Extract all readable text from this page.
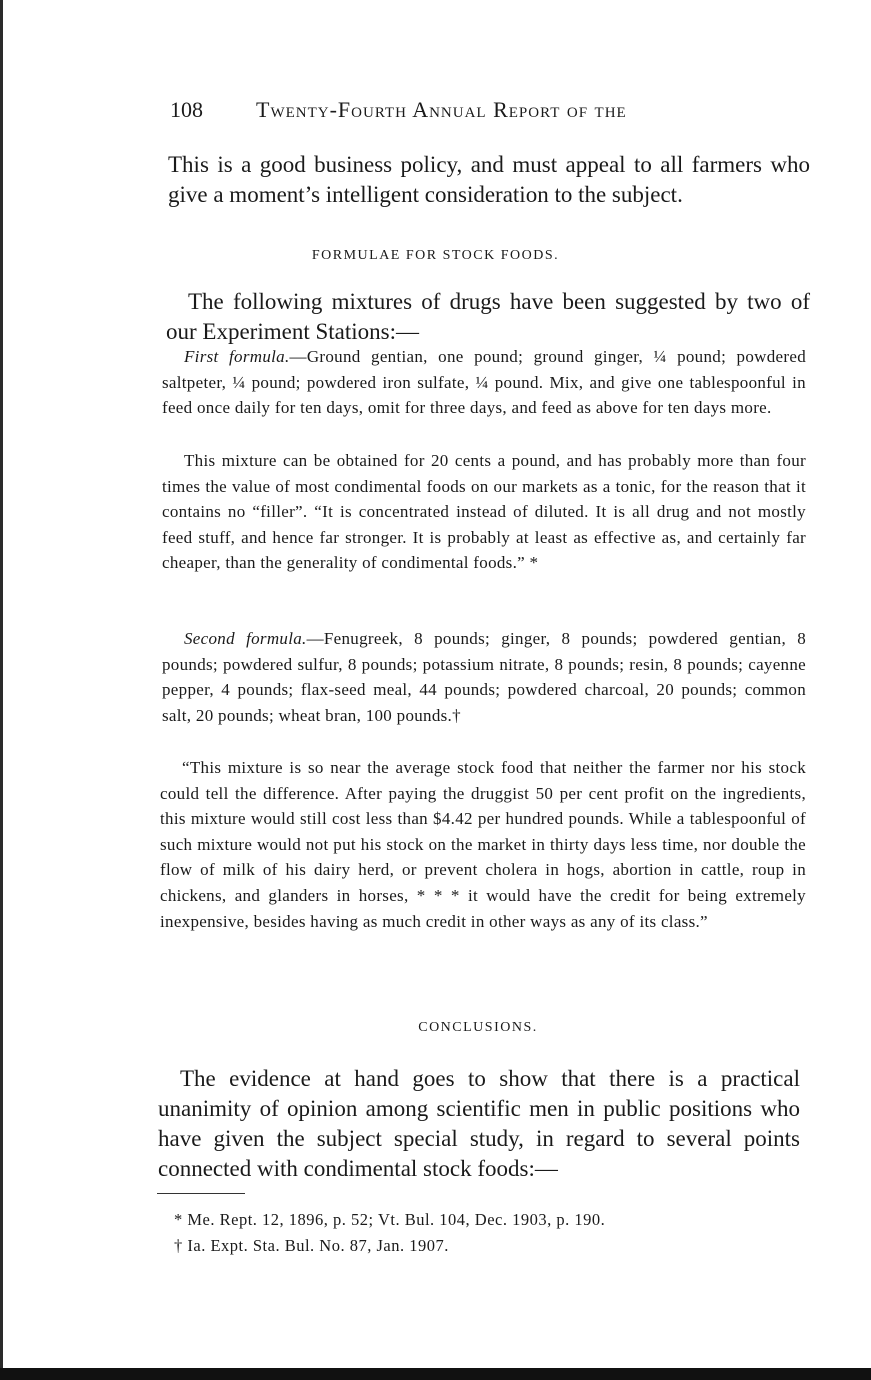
108 Twenty-Fourth Annual Report of the
This is a good business policy, and must appeal to all farmers who give a moment’s intelligent consideration to the subject.
FORMULAE FOR STOCK FOODS.
The following mixtures of drugs have been suggested by two of our Experiment Stations:—
First formula.—Ground gentian, one pound; ground ginger, ¼ pound; powdered saltpeter, ¼ pound; powdered iron sulfate, ¼ pound. Mix, and give one tablespoonful in feed once daily for ten days, omit for three days, and feed as above for ten days more.
This mixture can be obtained for 20 cents a pound, and has probably more than four times the value of most condimental foods on our markets as a tonic, for the reason that it contains no “filler”. “It is concentrated instead of diluted. It is all drug and not mostly feed stuff, and hence far stronger. It is probably at least as effective as, and certainly far cheaper, than the generality of condimental foods.” *
Second formula.—Fenugreek, 8 pounds; ginger, 8 pounds; powdered gentian, 8 pounds; powdered sulfur, 8 pounds; potassium nitrate, 8 pounds; resin, 8 pounds; cayenne pepper, 4 pounds; flax-seed meal, 44 pounds; powdered charcoal, 20 pounds; common salt, 20 pounds; wheat bran, 100 pounds.†
“This mixture is so near the average stock food that neither the farmer nor his stock could tell the difference. After paying the druggist 50 per cent profit on the ingredients, this mixture would still cost less than $4.42 per hundred pounds. While a tablespoonful of such mixture would not put his stock on the market in thirty days less time, nor double the flow of milk of his dairy herd, or prevent cholera in hogs, abortion in cattle, roup in chickens, and glanders in horses, * * * it would have the credit for being extremely inexpensive, besides having as much credit in other ways as any of its class.”
CONCLUSIONS.
The evidence at hand goes to show that there is a practical unanimity of opinion among scientific men in public positions who have given the subject special study, in regard to several points connected with condimental stock foods:—
* Me. Rept. 12, 1896, p. 52; Vt. Bul. 104, Dec. 1903, p. 190.
† Ia. Expt. Sta. Bul. No. 87, Jan. 1907.
